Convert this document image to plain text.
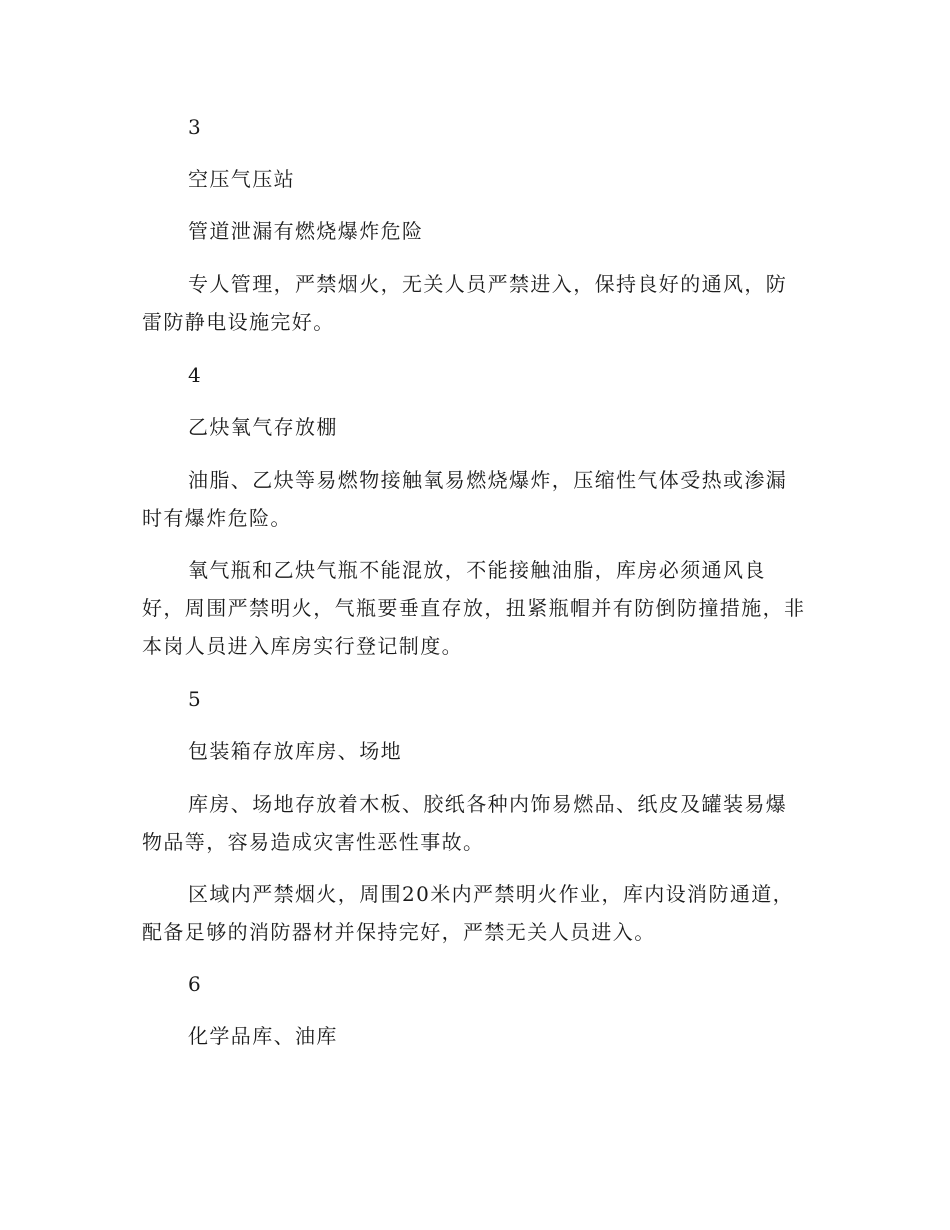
3

空压气压站

管道泄漏有燃烧爆炸危险

专人管理，严禁烟火，无关人员严禁进入，保持良好的通风，防雷防静电设施完好。

4

乙炔氧气存放棚

油脂、乙炔等易燃物接触氧易燃烧爆炸，压缩性气体受热或渗漏时有爆炸危险。

氧气瓶和乙炔气瓶不能混放，不能接触油脂，库房必须通风良好，周围严禁明火，气瓶要垂直存放，扭紧瓶帽并有防倒防撞措施，非本岗人员进入库房实行登记制度。

5

包装箱存放库房、场地

库房、场地存放着木板、胶纸各种内饰易燃品、纸皮及罐装易爆物品等，容易造成灾害性恶性事故。

区域内严禁烟火，周围20米内严禁明火作业，库内设消防通道，配备足够的消防器材并保持完好，严禁无关人员进入。

6

化学品库、油库
